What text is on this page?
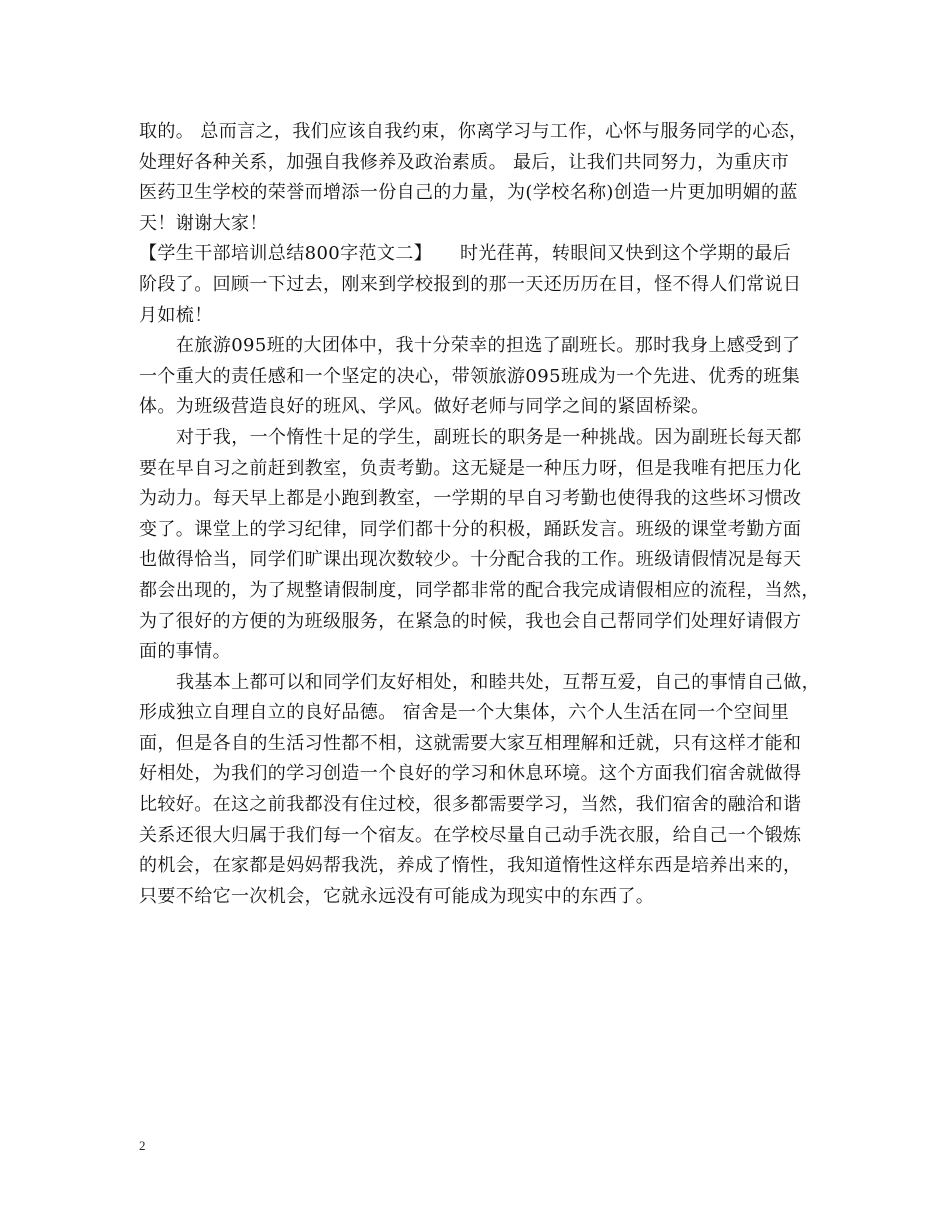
取的。 总而言之，我们应该自我约束，你离学习与工作，心怀与服务同学的心态，
处理好各种关系，加强自我修养及政治素质。 最后，让我们共同努力，为重庆市
医药卫生学校的荣誉而增添一份自己的力量，为(学校名称)创造一片更加明媚的蓝
天！谢谢大家！
【学生干部培训总结800字范文二】　　时光荏苒，转眼间又快到这个学期的最后
阶段了。回顾一下过去，刚来到学校报到的那一天还历历在目，怪不得人们常说日
月如梳！
在旅游095班的大团体中，我十分荣幸的担选了副班长。那时我身上感受到了
一个重大的责任感和一个坚定的决心，带领旅游095班成为一个先进、优秀的班集
体。为班级营造良好的班风、学风。做好老师与同学之间的紧固桥梁。
对于我，一个惰性十足的学生，副班长的职务是一种挑战。因为副班长每天都
要在早自习之前赶到教室，负责考勤。这无疑是一种压力呀，但是我唯有把压力化
为动力。每天早上都是小跑到教室，一学期的早自习考勤也使得我的这些坏习惯改
变了。课堂上的学习纪律，同学们都十分的积极，踊跃发言。班级的课堂考勤方面
也做得恰当，同学们旷课出现次数较少。十分配合我的工作。班级请假情况是每天
都会出现的，为了规整请假制度，同学都非常的配合我完成请假相应的流程，当然，
为了很好的方便的为班级服务，在紧急的时候，我也会自己帮同学们处理好请假方
面的事情。
我基本上都可以和同学们友好相处，和睦共处，互帮互爱，自己的事情自己做，
形成独立自理自立的良好品德。 宿舍是一个大集体，六个人生活在同一个空间里
面，但是各自的生活习性都不相，这就需要大家互相理解和迁就，只有这样才能和
好相处，为我们的学习创造一个良好的学习和休息环境。这个方面我们宿舍就做得
比较好。在这之前我都没有住过校，很多都需要学习，当然，我们宿舍的融洽和谐
关系还很大归属于我们每一个宿友。在学校尽量自己动手洗衣服，给自己一个锻炼
的机会，在家都是妈妈帮我洗，养成了惰性，我知道惰性这样东西是培养出来的，
只要不给它一次机会，它就永远没有可能成为现实中的东西了。
2
